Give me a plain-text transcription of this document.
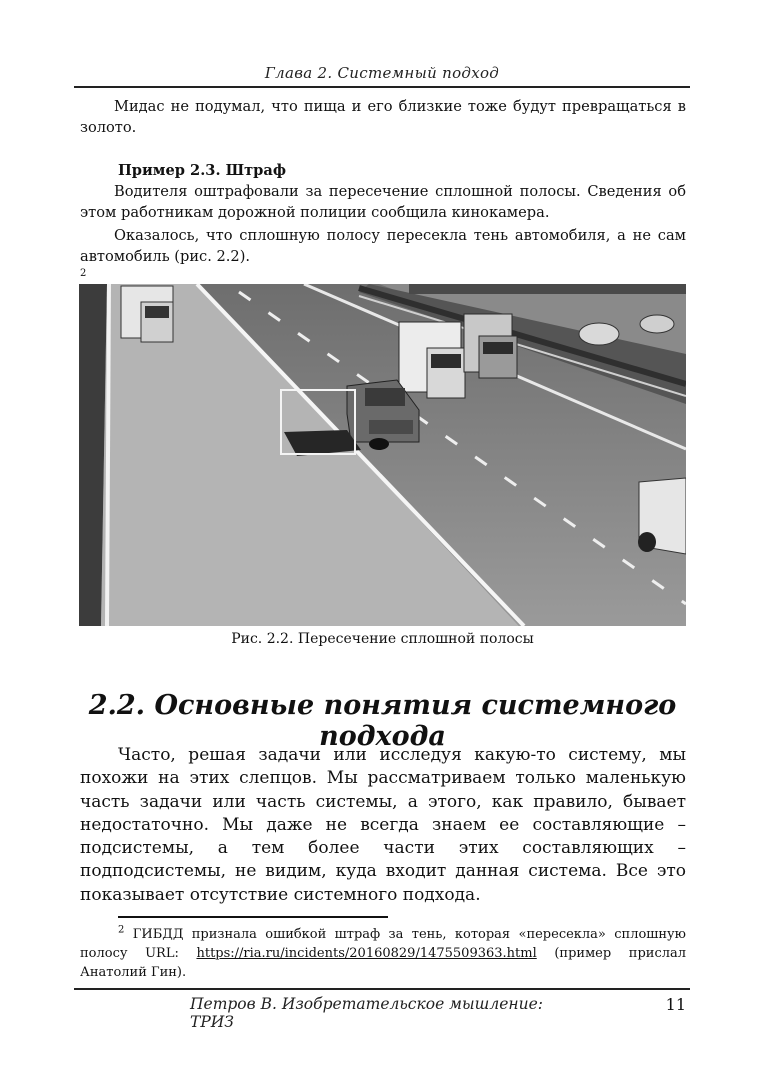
Глава 2. Системный подход

Мидас не подумал, что пища и его близкие тоже будут превращаться в золото.

Пример 2.3. Штраф

Водителя оштрафовали за пересечение сплошной полосы. Сведения об этом работникам дорожной полиции сообщила кинокамера.

Оказалось, что сплошную полосу пересекла тень автомобиля, а не сам автомобиль (рис. 2.2).$^2$

Рис. 2.2. Пересечение сплошной полосы
2.2. Основные понятия системного подхода

Часто, решая задачи или исследуя какую-то систему, мы похожи на этих слепцов. Мы рассматриваем только маленькую часть задачи или часть системы, а этого, как правило, бывает недостаточно. Мы даже не всегда знаем ее составляющие – подсистемы, а тем более части этих составляющих – подподсистемы, не видим, куда входит данная система. Все это показывает отсутствие системного подхода.

$^2$ ГИБДД признала ошибкой штраф за тень, которая «пересекла» сплошную полосу URL: https://ria.ru/incidents/20160829/1475509363.html (пример прислал Анатолий Гин).

Петров В. Изобретательское мышление: ТРИЗ
11
